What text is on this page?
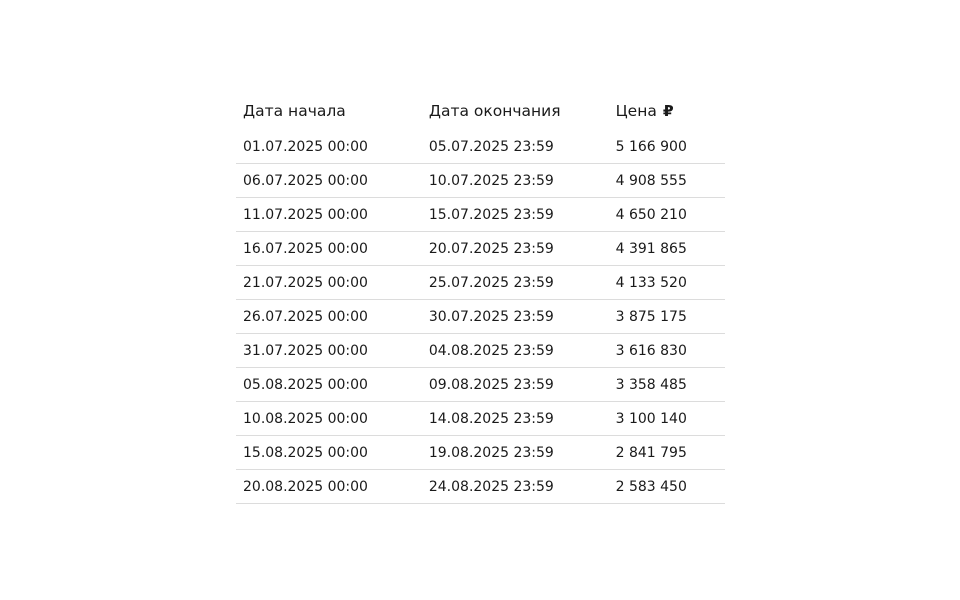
Дата начала	Дата окончания	Цена ₽
01.07.2025 00:00	05.07.2025 23:59	5 166 900
06.07.2025 00:00	10.07.2025 23:59	4 908 555
11.07.2025 00:00	15.07.2025 23:59	4 650 210
16.07.2025 00:00	20.07.2025 23:59	4 391 865
21.07.2025 00:00	25.07.2025 23:59	4 133 520
26.07.2025 00:00	30.07.2025 23:59	3 875 175
31.07.2025 00:00	04.08.2025 23:59	3 616 830
05.08.2025 00:00	09.08.2025 23:59	3 358 485
10.08.2025 00:00	14.08.2025 23:59	3 100 140
15.08.2025 00:00	19.08.2025 23:59	2 841 795
20.08.2025 00:00	24.08.2025 23:59	2 583 450
